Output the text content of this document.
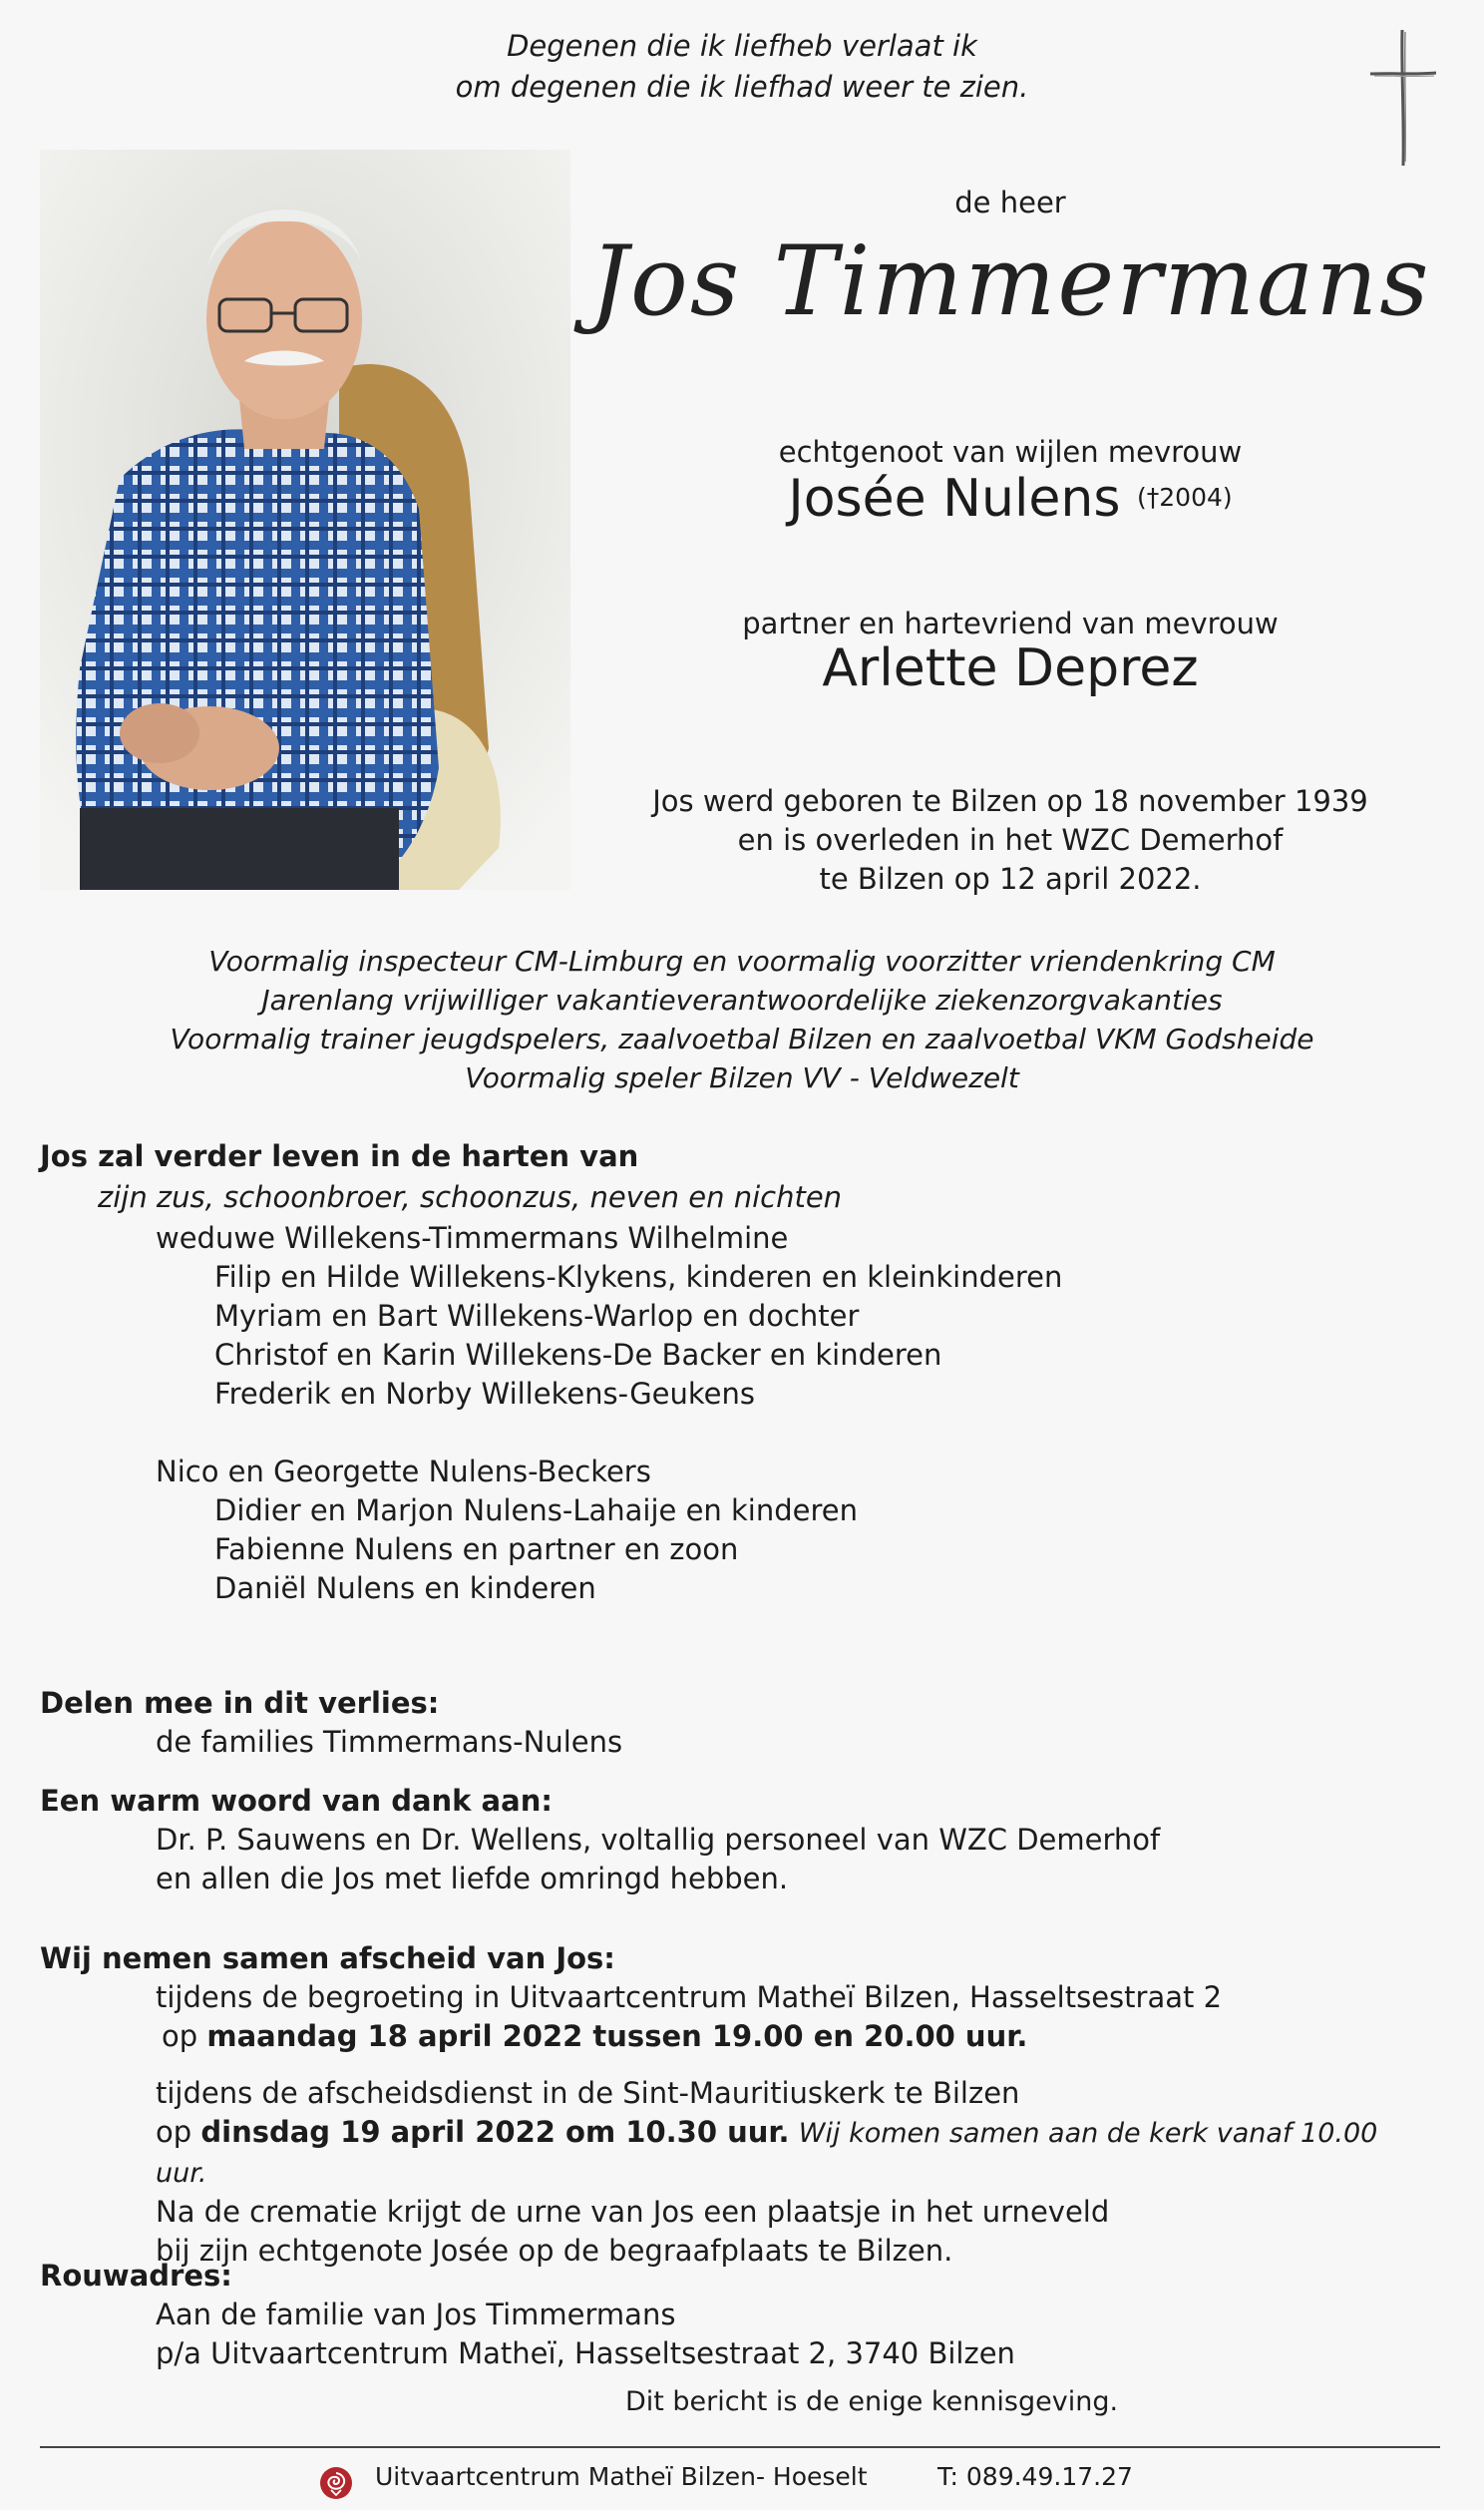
Degenen die ik liefheb verlaat ik
om degenen die ik liefhad weer te zien.
de heer
Jos Timmermans
echtgenoot van wijlen mevrouw
Josée Nulens $^{(\dagger 2004)}$
partner en hartevriend van mevrouw
Arlette Deprez
Jos werd geboren te Bilzen op 18 november 1939
en is overleden in het WZC Demerhof
te Bilzen op 12 april 2022.
Voormalig inspecteur CM-Limburg en voormalig voorzitter vriendenkring CM
Jarenlang vrijwilliger vakantieverantwoordelijke ziekenzorgvakanties
Voormalig trainer jeugdspelers, zaalvoetbal Bilzen en zaalvoetbal VKM Godsheide
Voormalig speler Bilzen VV - Veldwezelt
Jos zal verder leven in de harten van
zijn zus, schoonbroer, schoonzus, neven en nichten
weduwe Willekens-Timmermans Wilhelmine
Filip en Hilde Willekens-Klykens, kinderen en kleinkinderen
Myriam en Bart Willekens-Warlop en dochter
Christof en Karin Willekens-De Backer en kinderen
Frederik en Norby Willekens-Geukens
Nico en Georgette Nulens-Beckers
Didier en Marjon Nulens-Lahaije en kinderen
Fabienne Nulens en partner en zoon
Daniël Nulens en kinderen
Delen mee in dit verlies:
de families Timmermans-Nulens
Een warm woord van dank aan:
Dr. P. Sauwens en Dr. Wellens, voltallig personeel van WZC Demerhof
en allen die Jos met liefde omringd hebben.
Wij nemen samen afscheid van Jos:
tijdens de begroeting in Uitvaartcentrum Matheï Bilzen, Hasseltsestraat 2
op maandag 18 april 2022 tussen 19.00 en 20.00 uur.
tijdens de afscheidsdienst in de Sint-Mauritiuskerk te Bilzen
op dinsdag 19 april 2022 om 10.30 uur. Wij komen samen aan de kerk vanaf 10.00 uur.
Na de crematie krijgt de urne van Jos een plaatsje in het urneveld
bij zijn echtgenote Josée op de begraafplaats te Bilzen.
Rouwadres:
Aan de familie van Jos Timmermans
p/a Uitvaartcentrum Matheï, Hasseltsestraat 2, 3740 Bilzen
Dit bericht is de enige kennisgeving.
Uitvaartcentrum Matheï Bilzen- Hoeselt	T: 089.49.17.27
